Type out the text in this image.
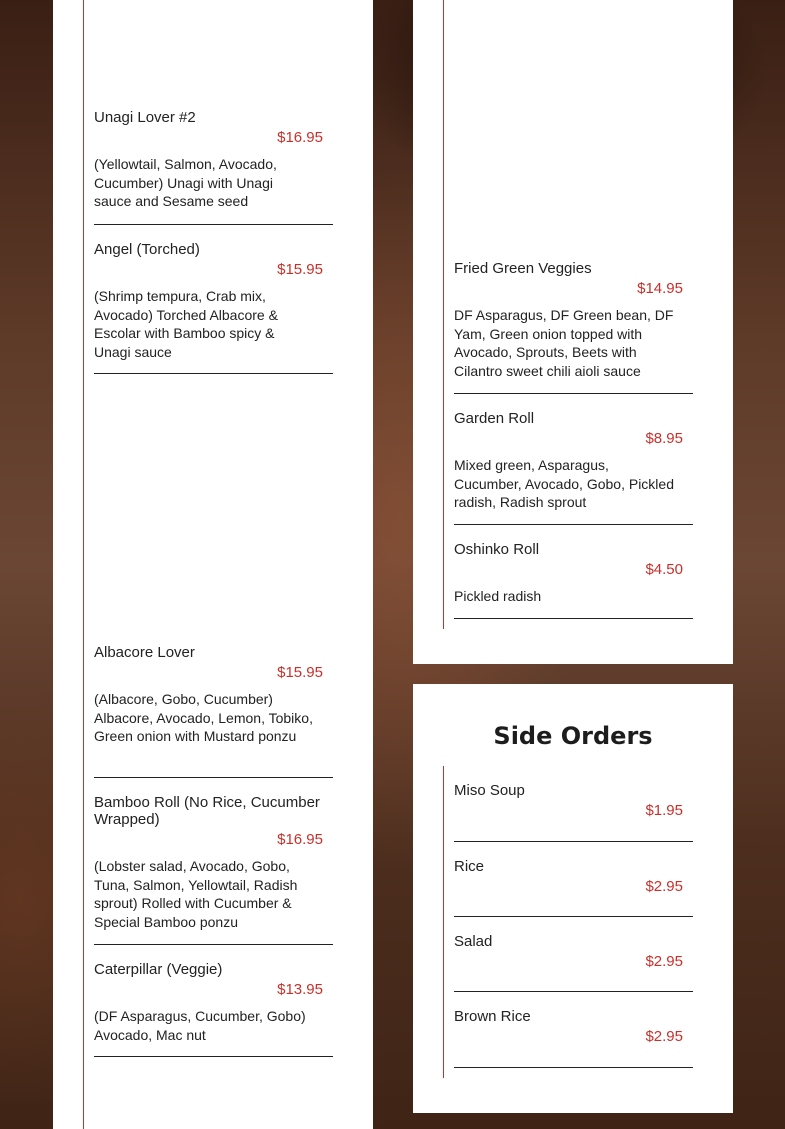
Unagi Lover #2
$16.95
(Yellowtail, Salmon, Avocado, Cucumber) Unagi with Unagi sauce and Sesame seed
Angel (Torched)
$15.95
(Shrimp tempura, Crab mix, Avocado) Torched Albacore & Escolar with Bamboo spicy & Unagi sauce
Albacore Lover
$15.95
(Albacore, Gobo, Cucumber) Albacore, Avocado, Lemon, Tobiko, Green onion with Mustard ponzu
Bamboo Roll (No Rice, Cucumber Wrapped)
$16.95
(Lobster salad, Avocado, Gobo, Tuna, Salmon, Yellowtail, Radish sprout) Rolled with Cucumber & Special Bamboo ponzu
Caterpillar (Veggie)
$13.95
(DF Asparagus, Cucumber, Gobo) Avocado, Mac nut
Fried Green Veggies
$14.95
DF Asparagus, DF Green bean, DF Yam, Green onion topped with Avocado, Sprouts, Beets with Cilantro sweet chili aioli sauce
Garden Roll
$8.95
Mixed green, Asparagus, Cucumber, Avocado, Gobo, Pickled radish, Radish sprout
Oshinko Roll
$4.50
Pickled radish
Side Orders
Miso Soup
$1.95
Rice
$2.95
Salad
$2.95
Brown Rice
$2.95
